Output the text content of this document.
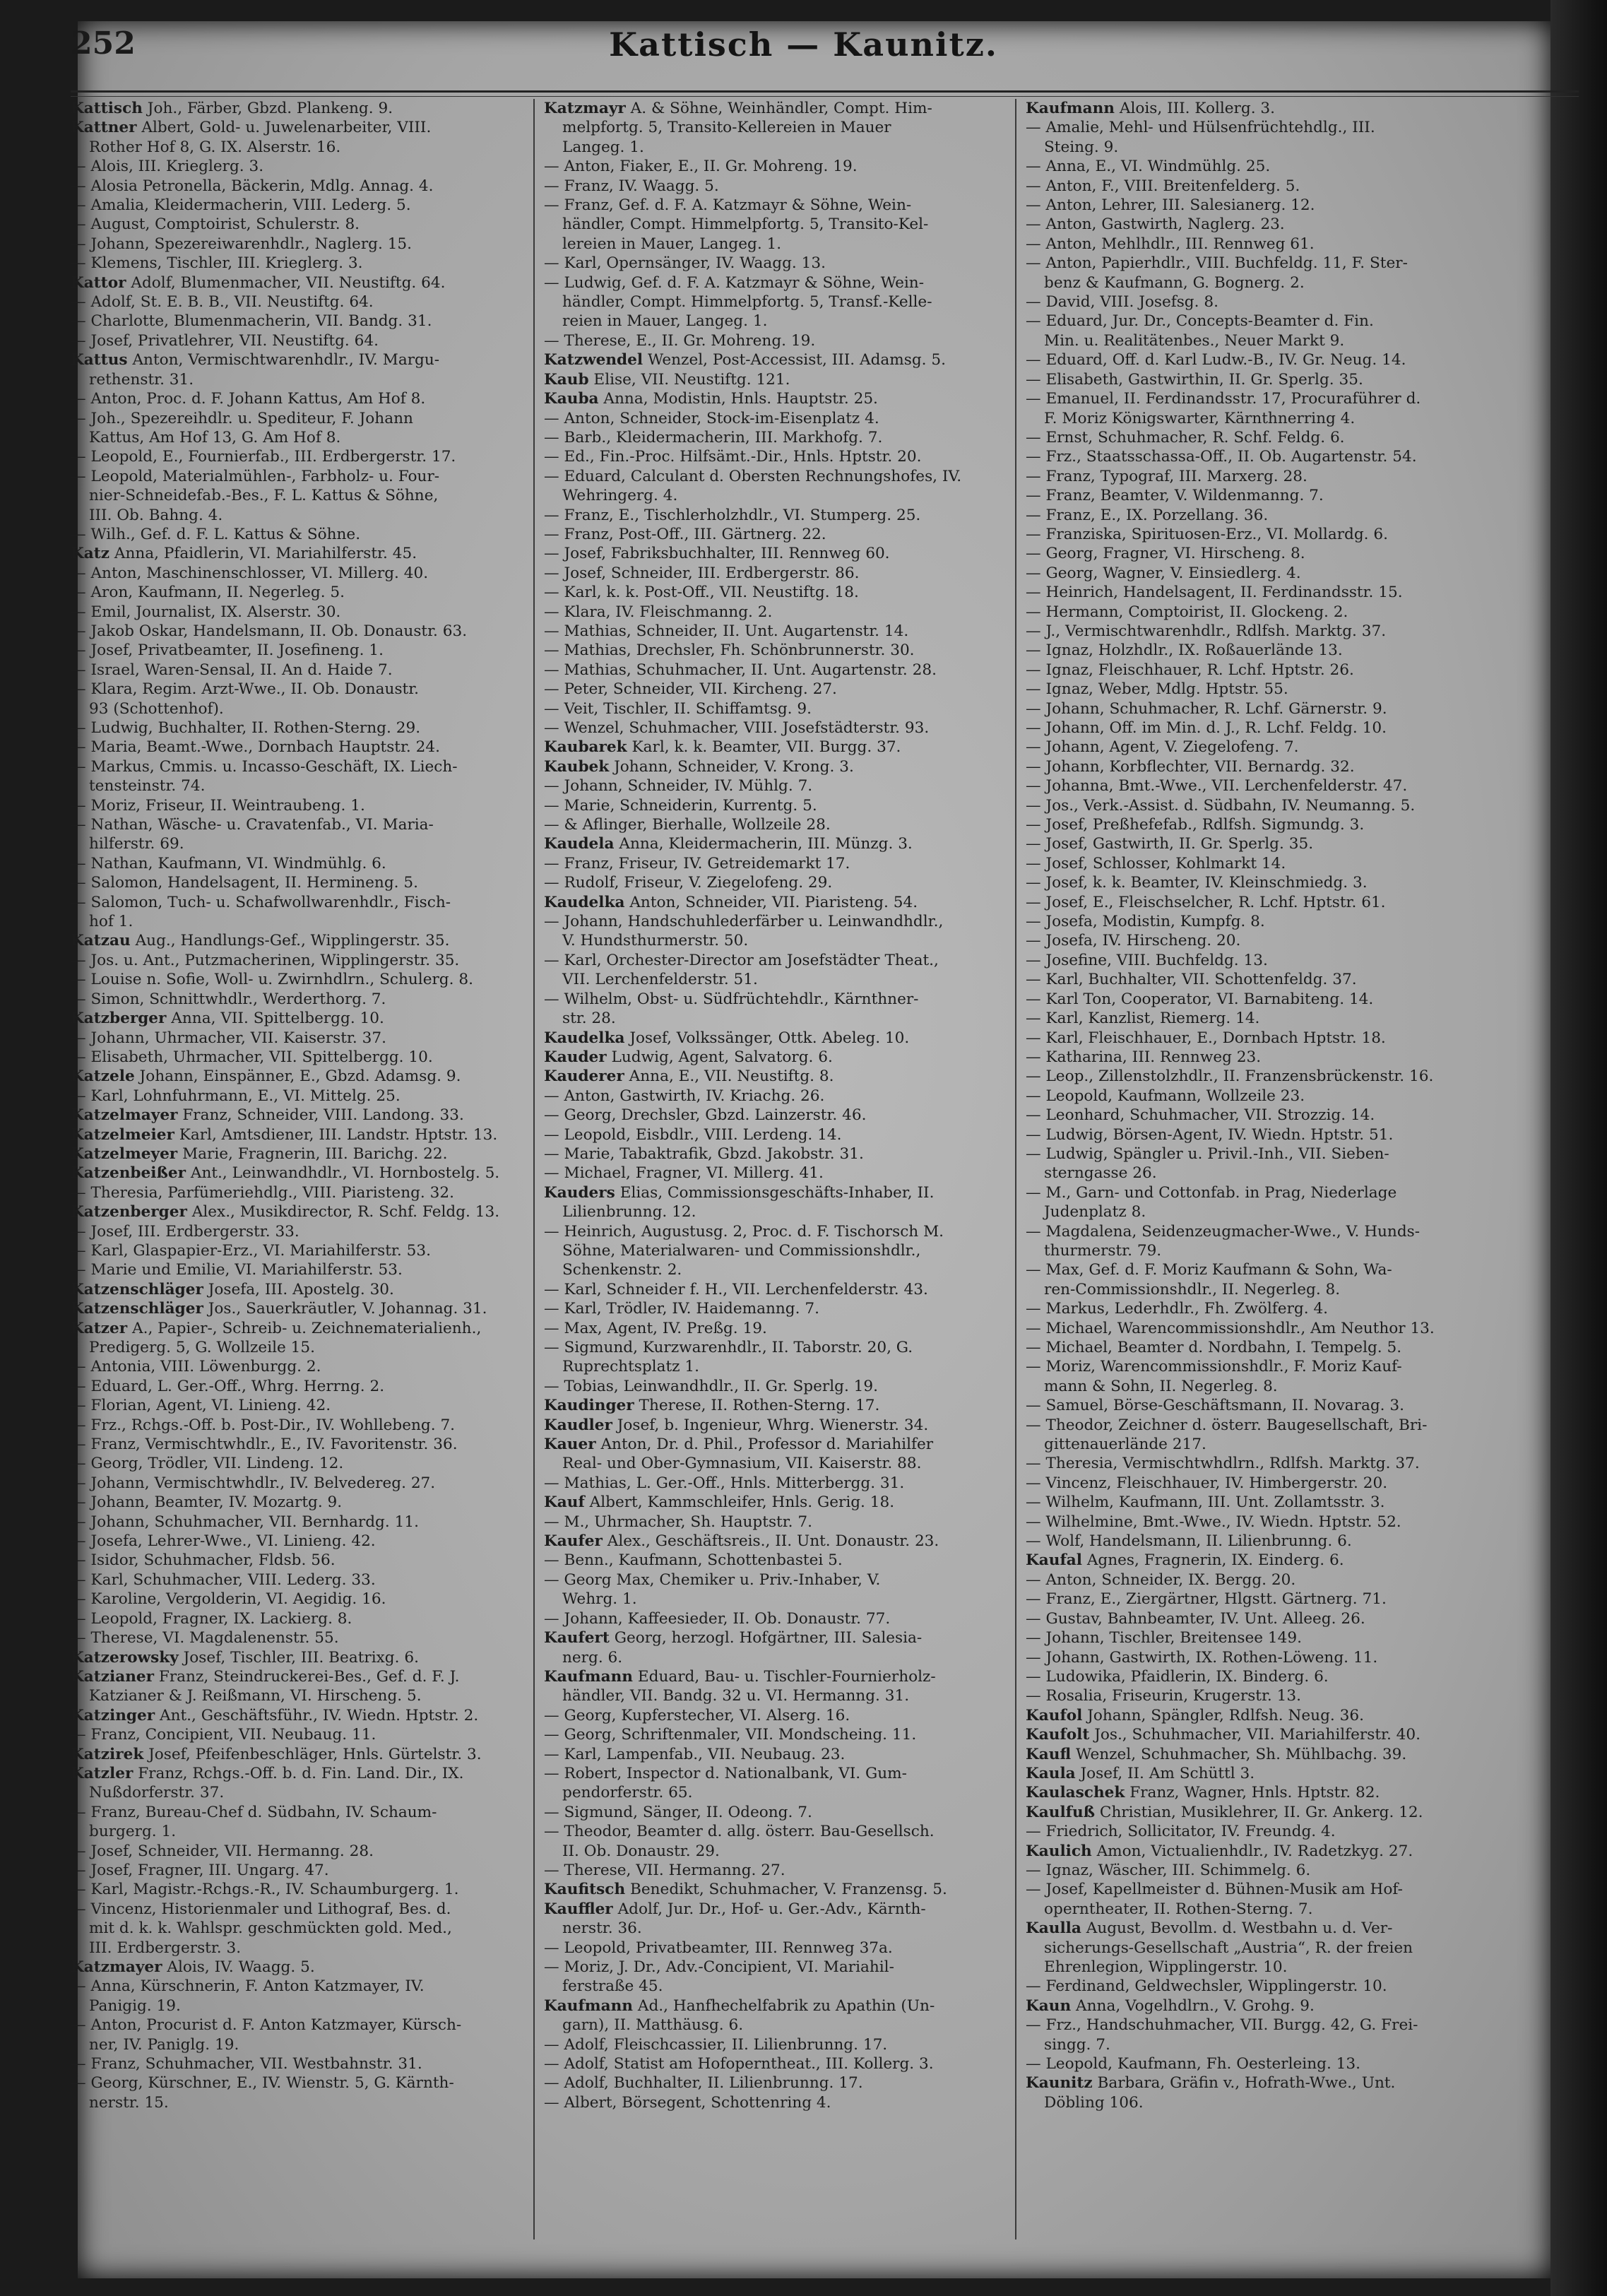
252	Kattisch — Kaunitz.
Kattisch Joh., Färber, Gbzd. Plankeng. 9.
Kattner Albert, Gold- u. Juwelenarbeiter, VIII.
Rother Hof 8, G. IX. Alserstr. 16.
— Alois, III. Krieglerg. 3.
— Alosia Petronella, Bäckerin, Mdlg. Annag. 4.
— Amalia, Kleidermacherin, VIII. Lederg. 5.
— August, Comptoirist, Schulerstr. 8.
— Johann, Spezereiwarenhdlr., Naglerg. 15.
— Klemens, Tischler, III. Krieglerg. 3.
Kattor Adolf, Blumenmacher, VII. Neustiftg. 64.
— Adolf, St. E. B. B., VII. Neustiftg. 64.
— Charlotte, Blumenmacherin, VII. Bandg. 31.
— Josef, Privatlehrer, VII. Neustiftg. 64.
Kattus Anton, Vermischtwarenhdlr., IV. Margu-
rethenstr. 31.
— Anton, Proc. d. F. Johann Kattus, Am Hof 8.
— Joh., Spezereihdlr. u. Spediteur, F. Johann
Kattus, Am Hof 13, G. Am Hof 8.
— Leopold, E., Fournierfab., III. Erdbergerstr. 17.
— Leopold, Materialmühlen-, Farbholz- u. Four-
nier-Schneidefab.-Bes., F. L. Kattus & Söhne,
III. Ob. Bahng. 4.
— Wilh., Gef. d. F. L. Kattus & Söhne.
Katz Anna, Pfaidlerin, VI. Mariahilferstr. 45.
— Anton, Maschinenschlosser, VI. Millerg. 40.
— Aron, Kaufmann, II. Negerleg. 5.
— Emil, Journalist, IX. Alserstr. 30.
— Jakob Oskar, Handelsmann, II. Ob. Donaustr. 63.
— Josef, Privatbeamter, II. Josefineng. 1.
— Israel, Waren-Sensal, II. An d. Haide 7.
— Klara, Regim. Arzt-Wwe., II. Ob. Donaustr.
93 (Schottenhof).
— Ludwig, Buchhalter, II. Rothen-Sterng. 29.
— Maria, Beamt.-Wwe., Dornbach Hauptstr. 24.
— Markus, Cmmis. u. Incasso-Geschäft, IX. Liech-
tensteinstr. 74.
— Moriz, Friseur, II. Weintraubeng. 1.
— Nathan, Wäsche- u. Cravatenfab., VI. Maria-
hilferstr. 69.
— Nathan, Kaufmann, VI. Windmühlg. 6.
— Salomon, Handelsagent, II. Hermineng. 5.
— Salomon, Tuch- u. Schafwollwarenhdlr., Fisch-
hof 1.
Katzau Aug., Handlungs-Gef., Wipplingerstr. 35.
— Jos. u. Ant., Putzmacherinen, Wipplingerstr. 35.
— Louise n. Sofie, Woll- u. Zwirnhdlrn., Schulerg. 8.
— Simon, Schnittwhdlr., Werderthorg. 7.
Katzberger Anna, VII. Spittelbergg. 10.
— Johann, Uhrmacher, VII. Kaiserstr. 37.
— Elisabeth, Uhrmacher, VII. Spittelbergg. 10.
Katzele Johann, Einspänner, E., Gbzd. Adamsg. 9.
— Karl, Lohnfuhrmann, E., VI. Mittelg. 25.
Katzelmayer Franz, Schneider, VIII. Landong. 33.
Katzelmeier Karl, Amtsdiener, III. Landstr. Hptstr. 13.
Katzelmeyer Marie, Fragnerin, III. Barichg. 22.
Katzenbeißer Ant., Leinwandhdlr., VI. Hornbostelg. 5.
— Theresia, Parfümeriehdlg., VIII. Piaristeng. 32.
Katzenberger Alex., Musikdirector, R. Schf. Feldg. 13.
— Josef, III. Erdbergerstr. 33.
— Karl, Glaspapier-Erz., VI. Mariahilferstr. 53.
— Marie und Emilie, VI. Mariahilferstr. 53.
Katzenschläger Josefa, III. Apostelg. 30.
Katzenschläger Jos., Sauerkräutler, V. Johannag. 31.
Katzer A., Papier-, Schreib- u. Zeichnematerialienh.,
Predigerg. 5, G. Wollzeile 15.
— Antonia, VIII. Löwenburgg. 2.
— Eduard, L. Ger.-Off., Whrg. Herrng. 2.
— Florian, Agent, VI. Linieng. 42.
— Frz., Rchgs.-Off. b. Post-Dir., IV. Wohllebeng. 7.
— Franz, Vermischtwhdlr., E., IV. Favoritenstr. 36.
— Georg, Trödler, VII. Lindeng. 12.
— Johann, Vermischtwhdlr., IV. Belvedereg. 27.
— Johann, Beamter, IV. Mozartg. 9.
— Johann, Schuhmacher, VII. Bernhardg. 11.
— Josefa, Lehrer-Wwe., VI. Linieng. 42.
— Isidor, Schuhmacher, Fldsb. 56.
— Karl, Schuhmacher, VIII. Lederg. 33.
— Karoline, Vergolderin, VI. Aegidig. 16.
— Leopold, Fragner, IX. Lackierg. 8.
— Therese, VI. Magdalenenstr. 55.
Katzerowsky Josef, Tischler, III. Beatrixg. 6.
Katzianer Franz, Steindruckerei-Bes., Gef. d. F. J.
Katzianer & J. Reißmann, VI. Hirscheng. 5.
Katzinger Ant., Geschäftsführ., IV. Wiedn. Hptstr. 2.
— Franz, Concipient, VII. Neubaug. 11.
Katzirek Josef, Pfeifenbeschläger, Hnls. Gürtelstr. 3.
Katzler Franz, Rchgs.-Off. b. d. Fin. Land. Dir., IX.
Nußdorferstr. 37.
— Franz, Bureau-Chef d. Südbahn, IV. Schaum-
burgerg. 1.
— Josef, Schneider, VII. Hermanng. 28.
— Josef, Fragner, III. Ungarg. 47.
— Karl, Magistr.-Rchgs.-R., IV. Schaumburgerg. 1.
— Vincenz, Historienmaler und Lithograf, Bes. d.
mit d. k. k. Wahlspr. geschmückten gold. Med.,
III. Erdbergerstr. 3.
Katzmayer Alois, IV. Waagg. 5.
— Anna, Kürschnerin, F. Anton Katzmayer, IV.
Panigig. 19.
— Anton, Procurist d. F. Anton Katzmayer, Kürsch-
ner, IV. Paniglg. 19.
— Franz, Schuhmacher, VII. Westbahnstr. 31.
— Georg, Kürschner, E., IV. Wienstr. 5, G. Kärnth-
nerstr. 15.
Katzmayr A. & Söhne, Weinhändler, Compt. Him-
melpfortg. 5, Transito-Kellereien in Mauer
Langeg. 1.
— Anton, Fiaker, E., II. Gr. Mohreng. 19.
— Franz, IV. Waagg. 5.
— Franz, Gef. d. F. A. Katzmayr & Söhne, Wein-
händler, Compt. Himmelpfortg. 5, Transito-Kel-
lereien in Mauer, Langeg. 1.
— Karl, Opernsänger, IV. Waagg. 13.
— Ludwig, Gef. d. F. A. Katzmayr & Söhne, Wein-
händler, Compt. Himmelpfortg. 5, Transf.-Kelle-
reien in Mauer, Langeg. 1.
— Therese, E., II. Gr. Mohreng. 19.
Katzwendel Wenzel, Post-Accessist, III. Adamsg. 5.
Kaub Elise, VII. Neustiftg. 121.
Kauba Anna, Modistin, Hnls. Hauptstr. 25.
— Anton, Schneider, Stock-im-Eisenplatz 4.
— Barb., Kleidermacherin, III. Markhofg. 7.
— Ed., Fin.-Proc. Hilfsämt.-Dir., Hnls. Hptstr. 20.
— Eduard, Calculant d. Obersten Rechnungshofes, IV.
Wehringerg. 4.
— Franz, E., Tischlerholzhdlr., VI. Stumperg. 25.
— Franz, Post-Off., III. Gärtnerg. 22.
— Josef, Fabriksbuchhalter, III. Rennweg 60.
— Josef, Schneider, III. Erdbergerstr. 86.
— Karl, k. k. Post-Off., VII. Neustiftg. 18.
— Klara, IV. Fleischmanng. 2.
— Mathias, Schneider, II. Unt. Augartenstr. 14.
— Mathias, Drechsler, Fh. Schönbrunnerstr. 30.
— Mathias, Schuhmacher, II. Unt. Augartenstr. 28.
— Peter, Schneider, VII. Kircheng. 27.
— Veit, Tischler, II. Schiffamtsg. 9.
— Wenzel, Schuhmacher, VIII. Josefstädterstr. 93.
Kaubarek Karl, k. k. Beamter, VII. Burgg. 37.
Kaubek Johann, Schneider, V. Krong. 3.
— Johann, Schneider, IV. Mühlg. 7.
— Marie, Schneiderin, Kurrentg. 5.
— & Aflinger, Bierhalle, Wollzeile 28.
Kaudela Anna, Kleidermacherin, III. Münzg. 3.
— Franz, Friseur, IV. Getreidemarkt 17.
— Rudolf, Friseur, V. Ziegelofeng. 29.
Kaudelka Anton, Schneider, VII. Piaristeng. 54.
— Johann, Handschuhlederfärber u. Leinwandhdlr.,
V. Hundsthurmerstr. 50.
— Karl, Orchester-Director am Josefstädter Theat.,
VII. Lerchenfelderstr. 51.
— Wilhelm, Obst- u. Südfrüchtehdlr., Kärnthner-
str. 28.
Kaudelka Josef, Volkssänger, Ottk. Abeleg. 10.
Kauder Ludwig, Agent, Salvatorg. 6.
Kauderer Anna, E., VII. Neustiftg. 8.
— Anton, Gastwirth, IV. Kriachg. 26.
— Georg, Drechsler, Gbzd. Lainzerstr. 46.
— Leopold, Eisbdlr., VIII. Lerdeng. 14.
— Marie, Tabaktrafik, Gbzd. Jakobstr. 31.
— Michael, Fragner, VI. Millerg. 41.
Kauders Elias, Commissionsgeschäfts-Inhaber, II.
Lilienbrunng. 12.
— Heinrich, Augustusg. 2, Proc. d. F. Tischorsch M.
Söhne, Materialwaren- und Commissionshdlr.,
Schenkenstr. 2.
— Karl, Schneider f. H., VII. Lerchenfelderstr. 43.
— Karl, Trödler, IV. Haidemanng. 7.
— Max, Agent, IV. Preßg. 19.
— Sigmund, Kurzwarenhdlr., II. Taborstr. 20, G.
Ruprechtsplatz 1.
— Tobias, Leinwandhdlr., II. Gr. Sperlg. 19.
Kaudinger Therese, II. Rothen-Sterng. 17.
Kaudler Josef, b. Ingenieur, Whrg. Wienerstr. 34.
Kauer Anton, Dr. d. Phil., Professor d. Mariahilfer
Real- und Ober-Gymnasium, VII. Kaiserstr. 88.
— Mathias, L. Ger.-Off., Hnls. Mitterbergg. 31.
Kauf Albert, Kammschleifer, Hnls. Gerig. 18.
— M., Uhrmacher, Sh. Hauptstr. 7.
Kaufer Alex., Geschäftsreis., II. Unt. Donaustr. 23.
— Benn., Kaufmann, Schottenbastei 5.
— Georg Max, Chemiker u. Priv.-Inhaber, V.
Wehrg. 1.
— Johann, Kaffeesieder, II. Ob. Donaustr. 77.
Kaufert Georg, herzogl. Hofgärtner, III. Salesia-
nerg. 6.
Kaufmann Eduard, Bau- u. Tischler-Fournierholz-
händler, VII. Bandg. 32 u. VI. Hermanng. 31.
— Georg, Kupferstecher, VI. Alserg. 16.
— Georg, Schriftenmaler, VII. Mondscheing. 11.
— Karl, Lampenfab., VII. Neubaug. 23.
— Robert, Inspector d. Nationalbank, VI. Gum-
pendorferstr. 65.
— Sigmund, Sänger, II. Odeong. 7.
— Theodor, Beamter d. allg. österr. Bau-Gesellsch.
II. Ob. Donaustr. 29.
— Therese, VII. Hermanng. 27.
Kaufitsch Benedikt, Schuhmacher, V. Franzensg. 5.
Kauffler Adolf, Jur. Dr., Hof- u. Ger.-Adv., Kärnth-
nerstr. 36.
— Leopold, Privatbeamter, III. Rennweg 37a.
— Moriz, J. Dr., Adv.-Concipient, VI. Mariahil-
ferstraße 45.
Kaufmann Ad., Hanfhechelfabrik zu Apathin (Un-
garn), II. Matthäusg. 6.
— Adolf, Fleischcassier, II. Lilienbrunng. 17.
— Adolf, Statist am Hofoperntheat., III. Kollerg. 3.
— Adolf, Buchhalter, II. Lilienbrunng. 17.
— Albert, Börsegent, Schottenring 4.
Kaufmann Alois, III. Kollerg. 3.
— Amalie, Mehl- und Hülsenfrüchtehdlg., III.
Steing. 9.
— Anna, E., VI. Windmühlg. 25.
— Anton, F., VIII. Breitenfelderg. 5.
— Anton, Lehrer, III. Salesianerg. 12.
— Anton, Gastwirth, Naglerg. 23.
— Anton, Mehlhdlr., III. Rennweg 61.
— Anton, Papierhdlr., VIII. Buchfeldg. 11, F. Ster-
benz & Kaufmann, G. Bognerg. 2.
— David, VIII. Josefsg. 8.
— Eduard, Jur. Dr., Concepts-Beamter d. Fin.
Min. u. Realitätenbes., Neuer Markt 9.
— Eduard, Off. d. Karl Ludw.-B., IV. Gr. Neug. 14.
— Elisabeth, Gastwirthin, II. Gr. Sperlg. 35.
— Emanuel, II. Ferdinandsstr. 17, Procuraführer d.
F. Moriz Königswarter, Kärnthnerring 4.
— Ernst, Schuhmacher, R. Schf. Feldg. 6.
— Frz., Staatsschassa-Off., II. Ob. Augartenstr. 54.
— Franz, Typograf, III. Marxerg. 28.
— Franz, Beamter, V. Wildenmanng. 7.
— Franz, E., IX. Porzellang. 36.
— Franziska, Spirituosen-Erz., VI. Mollardg. 6.
— Georg, Fragner, VI. Hirscheng. 8.
— Georg, Wagner, V. Einsiedlerg. 4.
— Heinrich, Handelsagent, II. Ferdinandsstr. 15.
— Hermann, Comptoirist, II. Glockeng. 2.
— J., Vermischtwarenhdlr., Rdlfsh. Marktg. 37.
— Ignaz, Holzhdlr., IX. Roßauerlände 13.
— Ignaz, Fleischhauer, R. Lchf. Hptstr. 26.
— Ignaz, Weber, Mdlg. Hptstr. 55.
— Johann, Schuhmacher, R. Lchf. Gärnerstr. 9.
— Johann, Off. im Min. d. J., R. Lchf. Feldg. 10.
— Johann, Agent, V. Ziegelofeng. 7.
— Johann, Korbflechter, VII. Bernardg. 32.
— Johanna, Bmt.-Wwe., VII. Lerchenfelderstr. 47.
— Jos., Verk.-Assist. d. Südbahn, IV. Neumanng. 5.
— Josef, Preßhefefab., Rdlfsh. Sigmundg. 3.
— Josef, Gastwirth, II. Gr. Sperlg. 35.
— Josef, Schlosser, Kohlmarkt 14.
— Josef, k. k. Beamter, IV. Kleinschmiedg. 3.
— Josef, E., Fleischselcher, R. Lchf. Hptstr. 61.
— Josefa, Modistin, Kumpfg. 8.
— Josefa, IV. Hirscheng. 20.
— Josefine, VIII. Buchfeldg. 13.
— Karl, Buchhalter, VII. Schottenfeldg. 37.
— Karl Ton, Cooperator, VI. Barnabiteng. 14.
— Karl, Kanzlist, Riemerg. 14.
— Karl, Fleischhauer, E., Dornbach Hptstr. 18.
— Katharina, III. Rennweg 23.
— Leop., Zillenstolzhdlr., II. Franzensbrückenstr. 16.
— Leopold, Kaufmann, Wollzeile 23.
— Leonhard, Schuhmacher, VII. Strozzig. 14.
— Ludwig, Börsen-Agent, IV. Wiedn. Hptstr. 51.
— Ludwig, Spängler u. Privil.-Inh., VII. Sieben-
sterngasse 26.
— M., Garn- und Cottonfab. in Prag, Niederlage
Judenplatz 8.
— Magdalena, Seidenzeugmacher-Wwe., V. Hunds-
thurmerstr. 79.
— Max, Gef. d. F. Moriz Kaufmann & Sohn, Wa-
ren-Commissionshdlr., II. Negerleg. 8.
— Markus, Lederhdlr., Fh. Zwölferg. 4.
— Michael, Warencommissionshdlr., Am Neuthor 13.
— Michael, Beamter d. Nordbahn, I. Tempelg. 5.
— Moriz, Warencommissionshdlr., F. Moriz Kauf-
mann & Sohn, II. Negerleg. 8.
— Samuel, Börse-Geschäftsmann, II. Novarag. 3.
— Theodor, Zeichner d. österr. Baugesellschaft, Bri-
gittenauerlände 217.
— Theresia, Vermischtwhdlrn., Rdlfsh. Marktg. 37.
— Vincenz, Fleischhauer, IV. Himbergerstr. 20.
— Wilhelm, Kaufmann, III. Unt. Zollamtsstr. 3.
— Wilhelmine, Bmt.-Wwe., IV. Wiedn. Hptstr. 52.
— Wolf, Handelsmann, II. Lilienbrunng. 6.
Kaufal Agnes, Fragnerin, IX. Einderg. 6.
— Anton, Schneider, IX. Bergg. 20.
— Franz, E., Ziergärtner, Hlgstt. Gärtnerg. 71.
— Gustav, Bahnbeamter, IV. Unt. Alleeg. 26.
— Johann, Tischler, Breitensee 149.
— Johann, Gastwirth, IX. Rothen-Löweng. 11.
— Ludowika, Pfaidlerin, IX. Binderg. 6.
— Rosalia, Friseurin, Krugerstr. 13.
Kaufol Johann, Spängler, Rdlfsh. Neug. 36.
Kaufolt Jos., Schuhmacher, VII. Mariahilferstr. 40.
Kaufl Wenzel, Schuhmacher, Sh. Mühlbachg. 39.
Kaula Josef, II. Am Schüttl 3.
Kaulaschek Franz, Wagner, Hnls. Hptstr. 82.
Kaulfuß Christian, Musiklehrer, II. Gr. Ankerg. 12.
— Friedrich, Sollicitator, IV. Freundg. 4.
Kaulich Amon, Victualienhdlr., IV. Radetzkyg. 27.
— Ignaz, Wäscher, III. Schimmelg. 6.
— Josef, Kapellmeister d. Bühnen-Musik am Hof-
operntheater, II. Rothen-Sterng. 7.
Kaulla August, Bevollm. d. Westbahn u. d. Ver-
sicherungs-Gesellschaft „Austria“, R. der freien
Ehrenlegion, Wipplingerstr. 10.
— Ferdinand, Geldwechsler, Wipplingerstr. 10.
Kaun Anna, Vogelhdlrn., V. Grohg. 9.
— Frz., Handschuhmacher, VII. Burgg. 42, G. Frei-
singg. 7.
— Leopold, Kaufmann, Fh. Oesterleing. 13.
Kaunitz Barbara, Gräfin v., Hofrath-Wwe., Unt.
Döbling 106.
